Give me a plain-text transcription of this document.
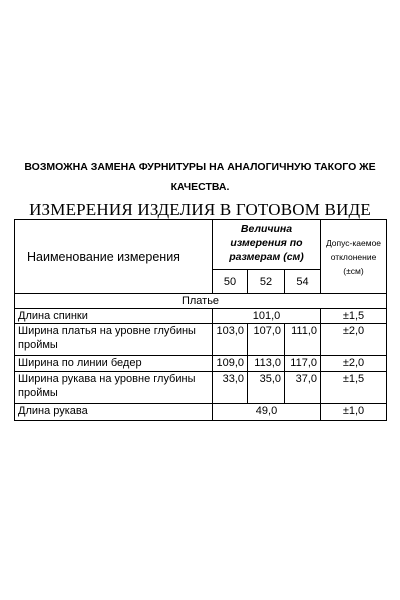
ВОЗМОЖНА ЗАМЕНА ФУРНИТУРЫ НА АНАЛОГИЧНУЮ ТАКОГО ЖЕ
КАЧЕСТВА.
ИЗМЕРЕНИЯ ИЗДЕЛИЯ В ГОТОВОМ ВИДЕ
Наименование измерения	Величина измерения по размерам (см)			Допус-каемое отклонение (±см)
	50	52	54	
Платье				
Длина спинки	101,0			±1,5
Ширина платья на уровне глубины проймы	103,0	107,0	111,0	±2,0
Ширина по линии бедер	109,0	113,0	117,0	±2,0
Ширина рукава на уровне глубины проймы	33,0	35,0	37,0	±1,5
Длина рукава	49,0			±1,0
